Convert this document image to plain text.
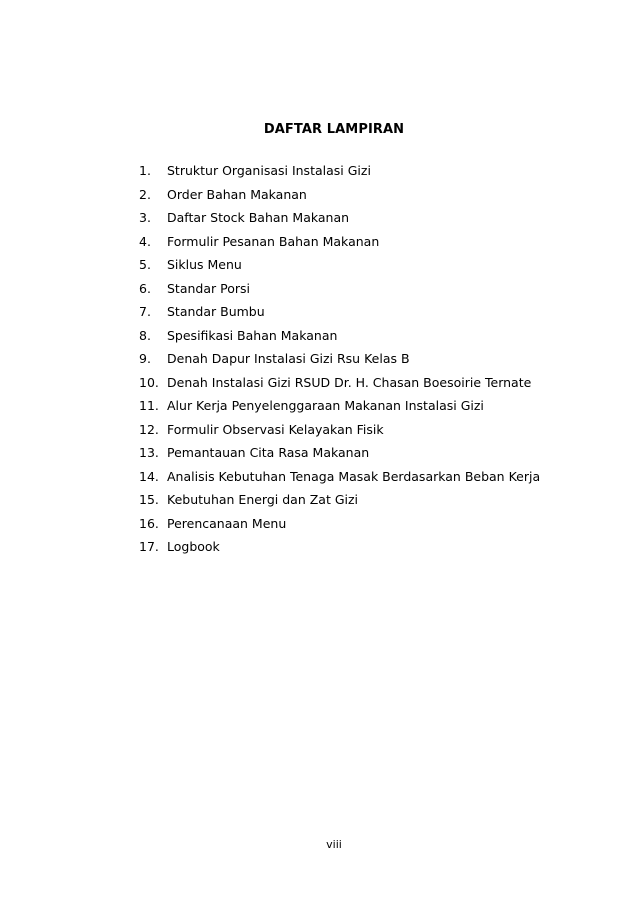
DAFTAR LAMPIRAN
1.	Struktur Organisasi Instalasi Gizi
2.	Order Bahan Makanan
3.	Daftar Stock Bahan Makanan
4.	Formulir Pesanan Bahan Makanan
5.	Siklus Menu
6.	Standar Porsi
7.	Standar Bumbu
8.	Spesifikasi Bahan Makanan
9.	Denah Dapur Instalasi Gizi Rsu Kelas B
10. Denah Instalasi Gizi RSUD Dr. H. Chasan Boesoirie Ternate
11. Alur Kerja Penyelenggaraan Makanan Instalasi Gizi
12. Formulir Observasi Kelayakan Fisik
13. Pemantauan Cita Rasa Makanan
14. Analisis Kebutuhan Tenaga Masak Berdasarkan Beban Kerja
15. Kebutuhan Energi dan Zat Gizi
16. Perencanaan Menu
17. Logbook
viii
